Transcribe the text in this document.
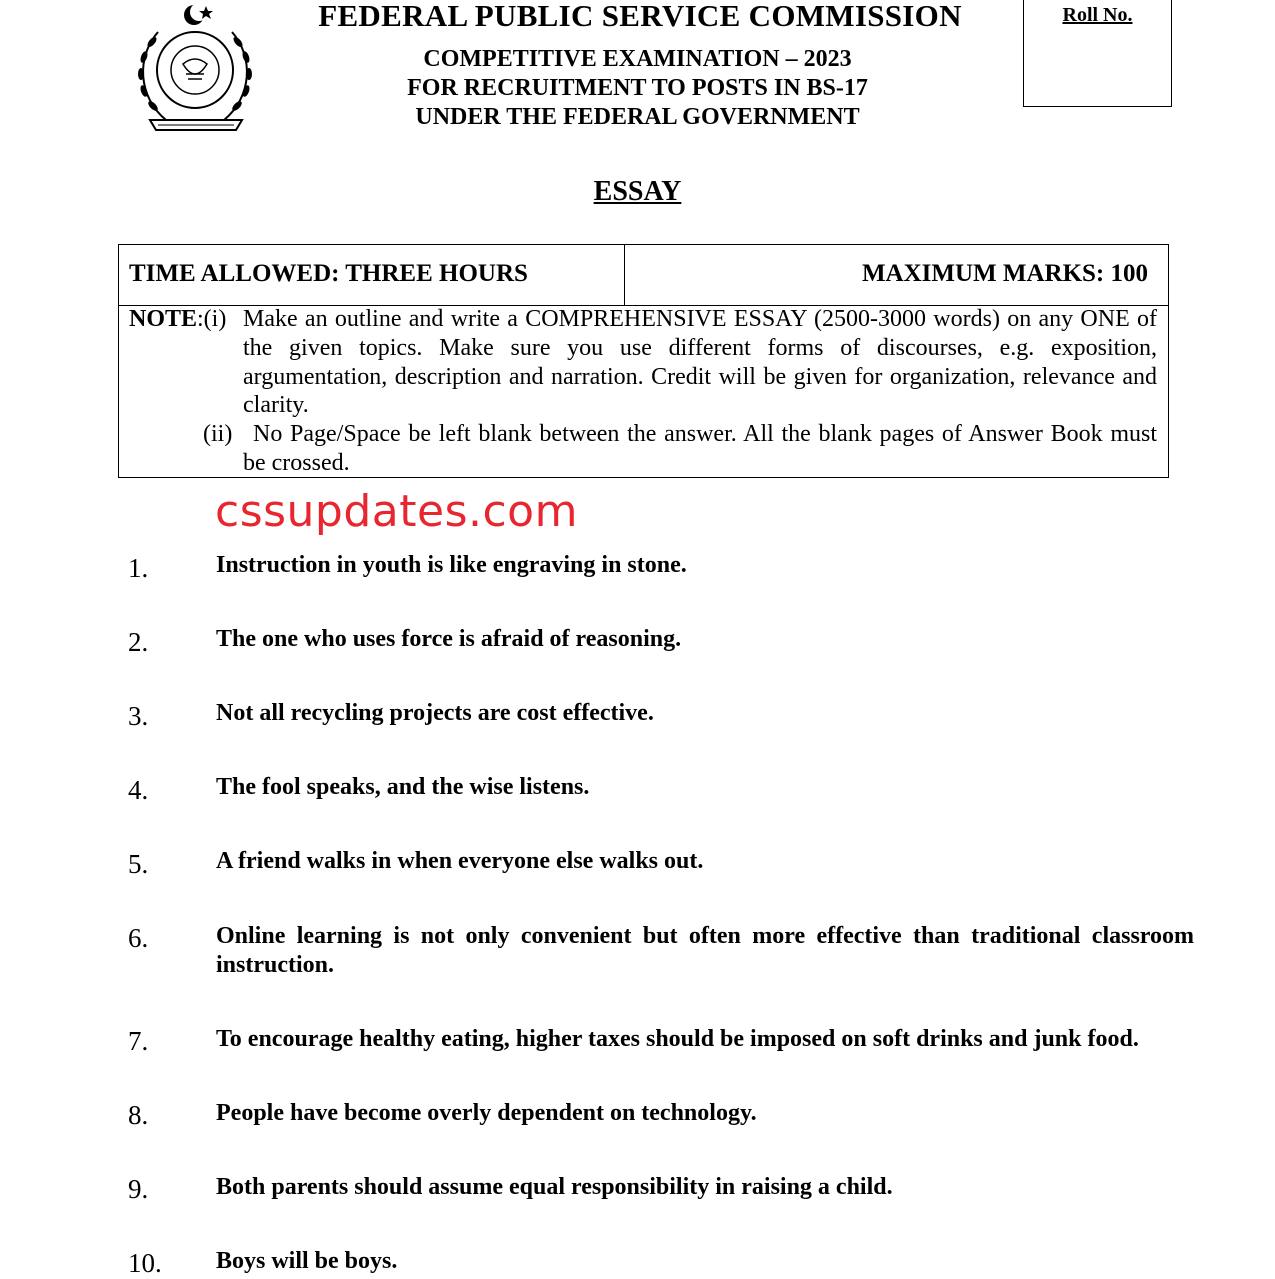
FEDERAL PUBLIC SERVICE COMMISSION
COMPETITIVE EXAMINATION – 2023
FOR RECRUITMENT TO POSTS IN BS-17
UNDER THE FEDERAL GOVERNMENT
Roll No.
ESSAY
TIME ALLOWED: THREE HOURS	MAXIMUM MARKS: 100
NOTE:(i) Make an outline and write a COMPREHENSIVE ESSAY (2500-3000 words) on any ONE of the given topics. Make sure you use different forms of discourses, e.g. exposition, argumentation, description and narration. Credit will be given for organization, relevance and clarity.
(ii) No Page/Space be left blank between the answer. All the blank pages of Answer Book must be crossed.
cssupdates.com
1.	Instruction in youth is like engraving in stone.
2.	The one who uses force is afraid of reasoning.
3.	Not all recycling projects are cost effective.
4.	The fool speaks, and the wise listens.
5.	A friend walks in when everyone else walks out.
6.	Online learning is not only convenient but often more effective than traditional classroom instruction.
7.	To encourage healthy eating, higher taxes should be imposed on soft drinks and junk food.
8.	People have become overly dependent on technology.
9.	Both parents should assume equal responsibility in raising a child.
10.	Boys will be boys.
